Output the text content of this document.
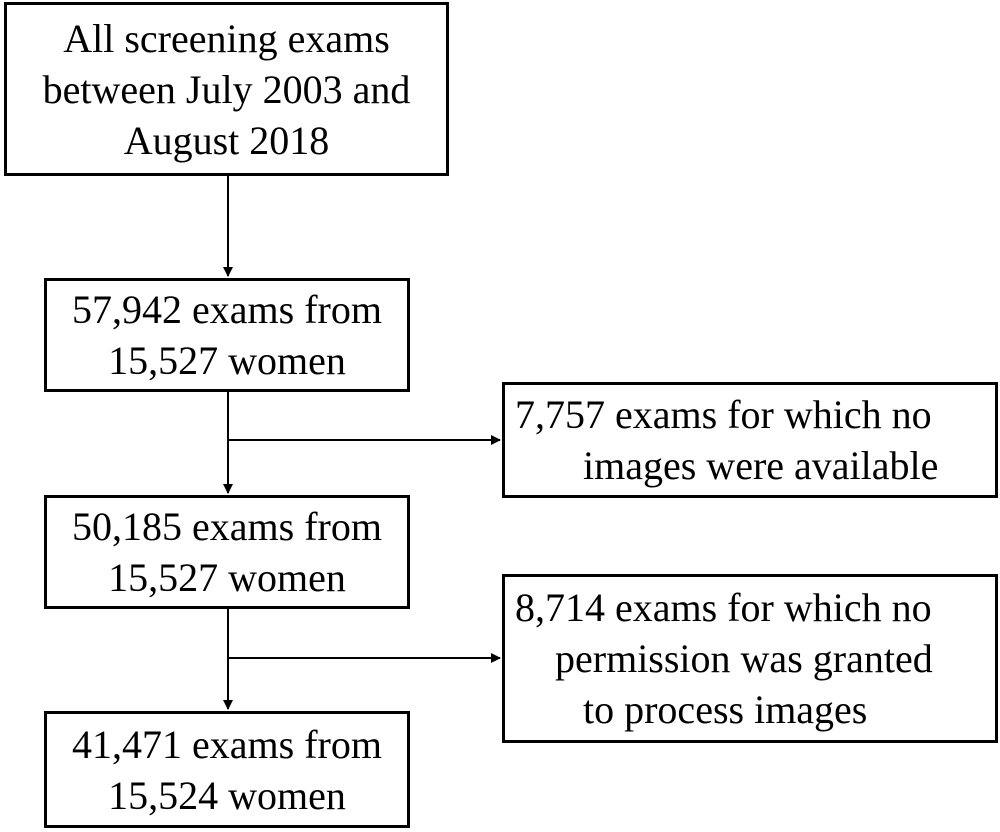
All screening exams
between July 2003 and
August 2018
57,942 exams from
15,527 women
50,185 exams from
15,527 women
41,471 exams from
15,524 women
7,757 exams for which no
images were available
8,714 exams for which no
permission was granted
to process images
